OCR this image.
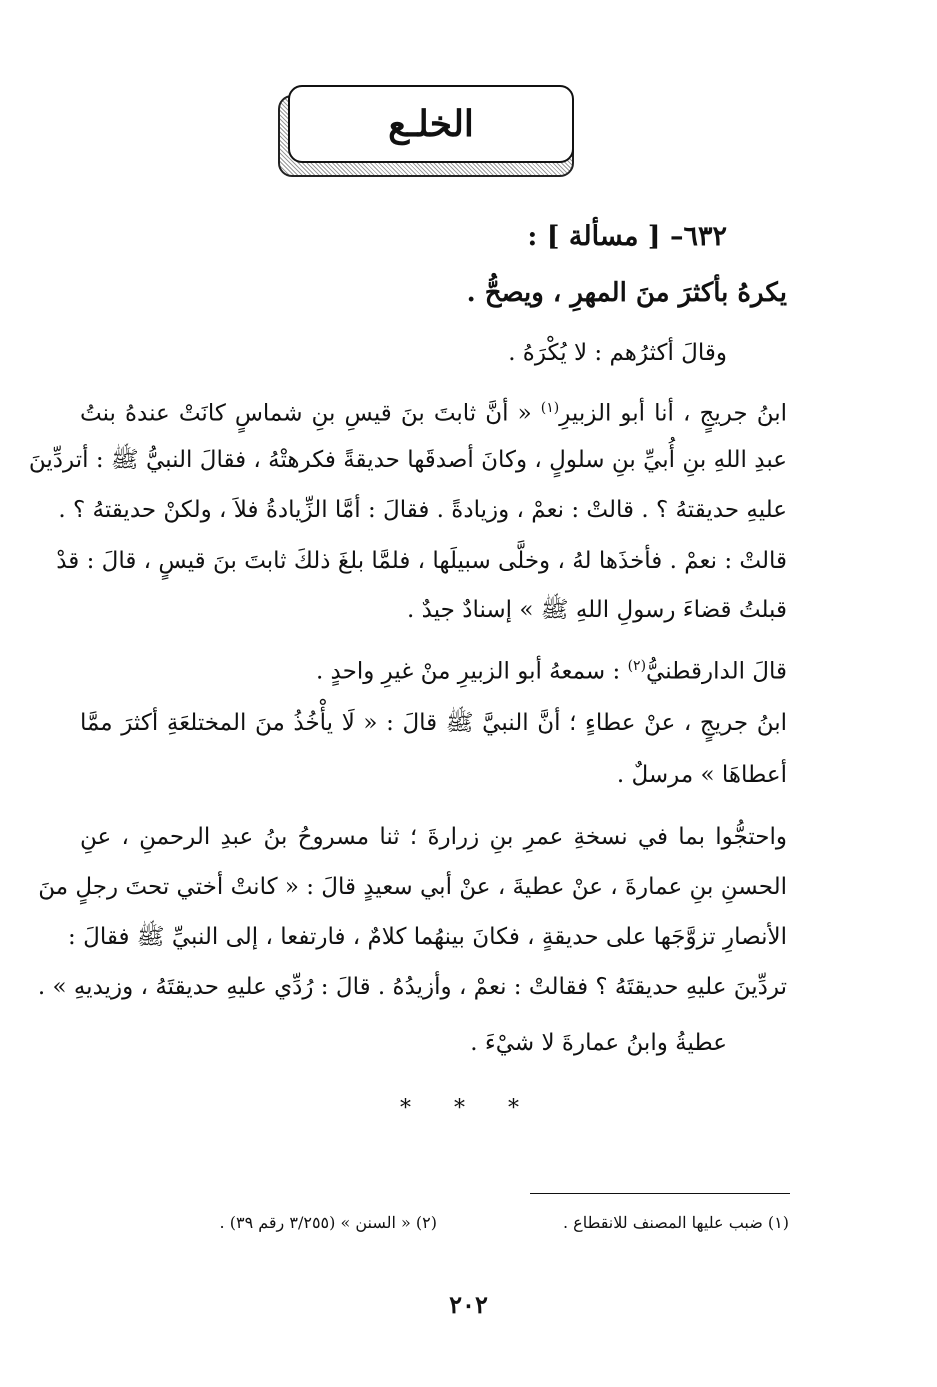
الخلـع
٦٣٢– [ مسألة ] :
يكرهُ بأكثرَ منَ المهرِ ، ويصحُّ .
وقالَ أكثرُهم : لا يُكْرَهُ .
ابنُ جريجٍ ، أنا أبو الزبيرِ$^{(١)}$ « أنَّ ثابتَ بنَ قيسِ بنِ شماسٍ كانَتْ عندهُ بنتُ
عبدِ اللهِ بنِ أُبيِّ بنِ سلولٍ ، وكانَ أصدقَها حديقةً فكرهتْهُ ، فقالَ النبيُّ ﷺ : أتردِّينَ
عليهِ حديقتهُ ؟ . قالتْ : نعمْ ، وزيادةً . فقالَ : أمَّا الزِّيادةُ فلاَ ، ولكنْ حديقتهُ ؟ .
قالتْ : نعمْ . فأخذَها لهُ ، وخلَّى سبيلَها ، فلمَّا بلغَ ذلكَ ثابتَ بنَ قيسٍ ، قالَ : قدْ
قبلتُ قضاءَ رسولِ اللهِ ﷺ » إسنادٌ جيدٌ .
قالَ الدارقطنيُّ$^{(٢)}$ : سمعهُ أبو الزبيرِ منْ غيرِ واحدٍ .
ابنُ جريجٍ ، عنْ عطاءٍ ؛ أنَّ النبيَّ ﷺ قالَ : « لَا يأْخُذُ منَ المختلعَةِ أكثرَ ممَّا
أعطاهَا » مرسلٌ .
واحتجُّوا بما في نسخةِ عمرِ بنِ زرارةَ ؛ ثنا مسروحُ بنُ عبدِ الرحمنِ ، عنِ
الحسنِ بنِ عمارةَ ، عنْ عطيةَ ، عنْ أبي سعيدٍ قالَ : « كانتْ أختي تحتَ رجلٍ منَ
الأنصارِ تزوَّجَها على حديقةٍ ، فكانَ بينهُما كلامٌ ، فارتفعا ، إلى النبيِّ ﷺ فقالَ :
تردِّينَ عليهِ حديقتَهُ ؟ فقالتْ : نعمْ ، وأزيدُهُ . قالَ : رُدِّي عليهِ حديقتَهُ ، وزيديهِ » .
عطيةُ وابنُ عمارةَ لا شيْءَ .
* * *
(١) ضبب عليها المصنف للانقطاع .
(٢) « السنن » (٣/٢٥٥ رقم ٣٩) .
٢٠٢
